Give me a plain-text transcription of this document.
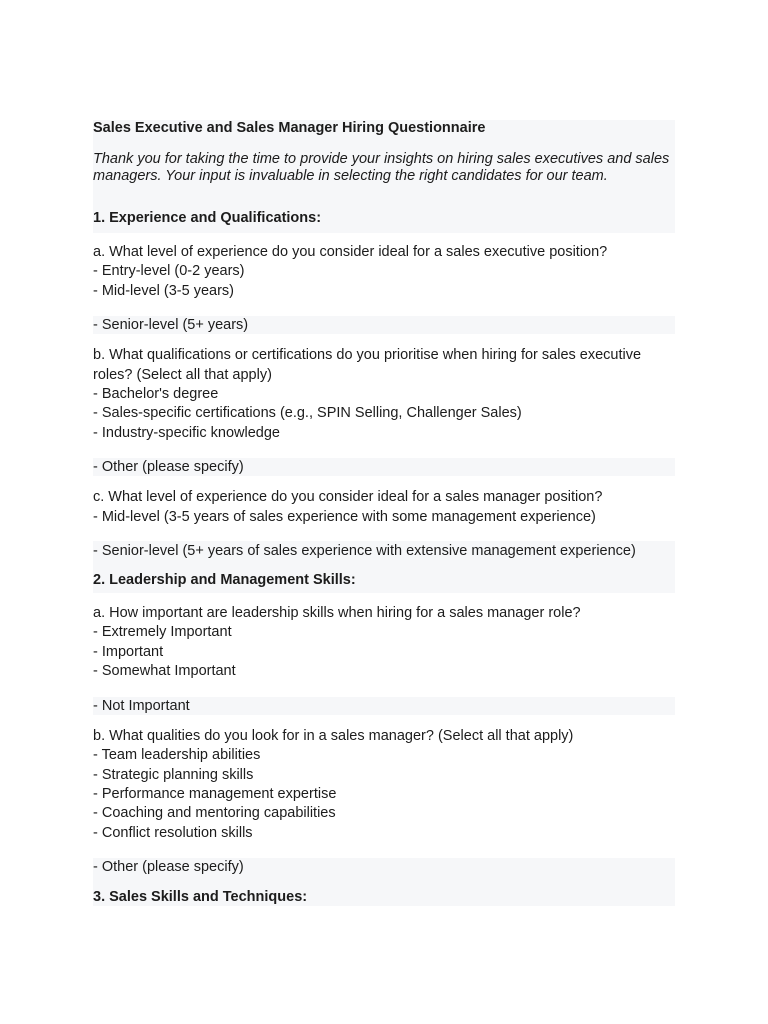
Sales Executive and Sales Manager Hiring Questionnaire
Thank you for taking the time to provide your insights on hiring sales executives and sales managers. Your input is invaluable in selecting the right candidates for our team.
1. Experience and Qualifications:
a. What level of experience do you consider ideal for a sales executive position?
- Entry-level (0-2 years)
- Mid-level (3-5 years)
- Senior-level (5+ years)
b. What qualifications or certifications do you prioritise when hiring for sales executive roles? (Select all that apply)
- Bachelor's degree
- Sales-specific certifications (e.g., SPIN Selling, Challenger Sales)
- Industry-specific knowledge
- Other (please specify)
c. What level of experience do you consider ideal for a sales manager position?
- Mid-level (3-5 years of sales experience with some management experience)
- Senior-level (5+ years of sales experience with extensive management experience)
2. Leadership and Management Skills:
a. How important are leadership skills when hiring for a sales manager role?
- Extremely Important
- Important
- Somewhat Important
- Not Important
b. What qualities do you look for in a sales manager? (Select all that apply)
- Team leadership abilities
- Strategic planning skills
- Performance management expertise
- Coaching and mentoring capabilities
- Conflict resolution skills
- Other (please specify)
3. Sales Skills and Techniques:
